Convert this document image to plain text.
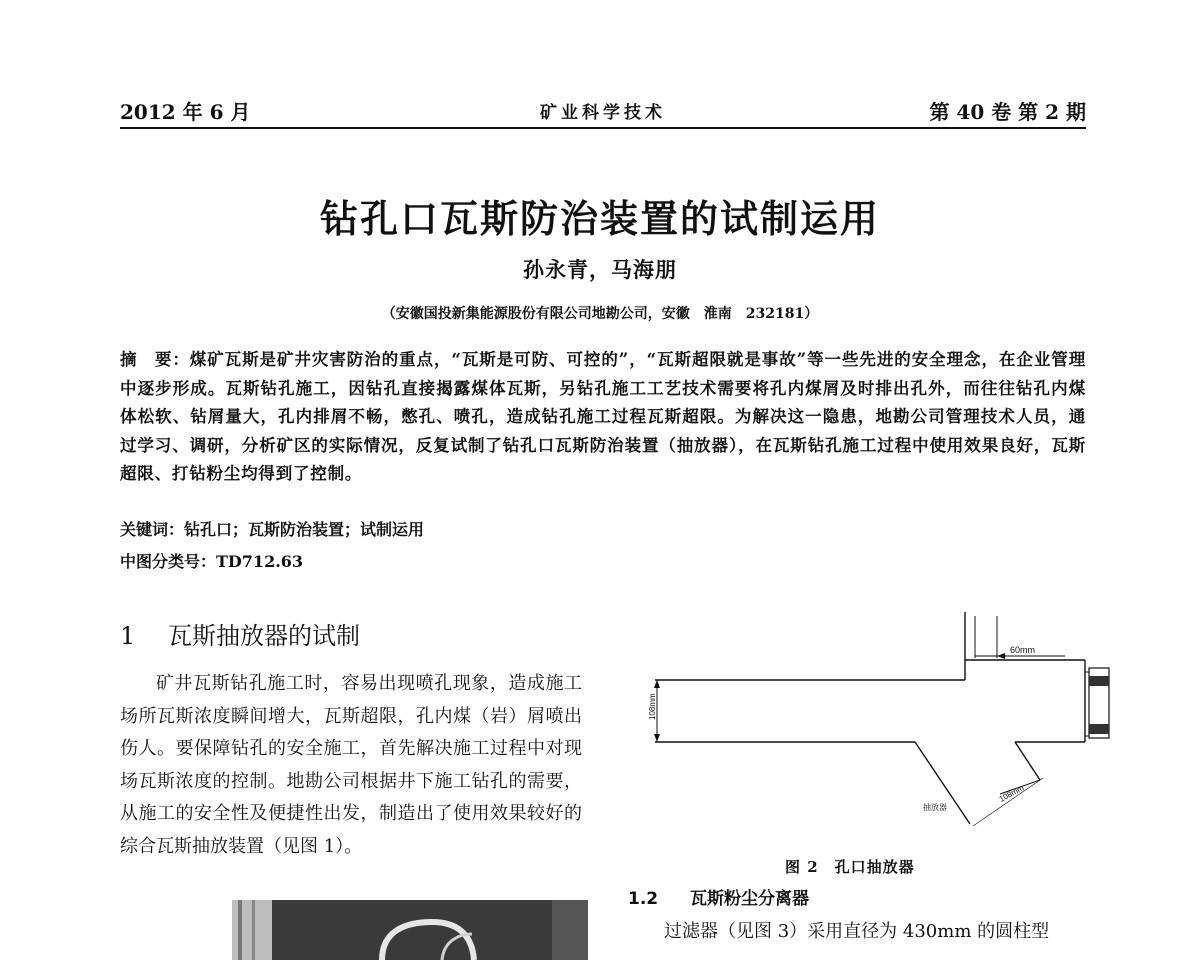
2012 年 6 月	矿业科学技术	第 40 卷 第 2 期
钻孔口瓦斯防治装置的试制运用
孙永青，马海朋
（安徽国投新集能源股份有限公司地勘公司，安徽　淮南　232181）
摘　要：煤矿瓦斯是矿井灾害防治的重点，“瓦斯是可防、可控的”，“瓦斯超限就是事故”等一些先进的安全理念，在企业管理中逐步形成。瓦斯钻孔施工，因钻孔直接揭露煤体瓦斯，另钻孔施工工艺技术需要将孔内煤屑及时排出孔外，而往往钻孔内煤体松软、钻屑量大，孔内排屑不畅，憋孔、喷孔，造成钻孔施工过程瓦斯超限。为解决这一隐患，地勘公司管理技术人员，通过学习、调研，分析矿区的实际情况，反复试制了钻孔口瓦斯防治装置（抽放器），在瓦斯钻孔施工过程中使用效果良好，瓦斯超限、打钻粉尘均得到了控制。
关键词：钻孔口；瓦斯防治装置；试制运用
中图分类号：TD712.63
1 瓦斯抽放器的试制
矿井瓦斯钻孔施工时，容易出现喷孔现象，造成施工场所瓦斯浓度瞬间增大，瓦斯超限，孔内煤（岩）屑喷出伤人。要保障钻孔的安全施工，首先解决施工过程中对现场瓦斯浓度的控制。地勘公司根据井下施工钻孔的需要，从施工的安全性及便捷性出发，制造出了使用效果较好的综合瓦斯抽放装置（见图 1）。
60mm
108mm
108mm
抽放器
图 2　孔口抽放器
1.2 瓦斯粉尘分离器
过滤器（见图 3）采用直径为 430mm 的圆柱型
